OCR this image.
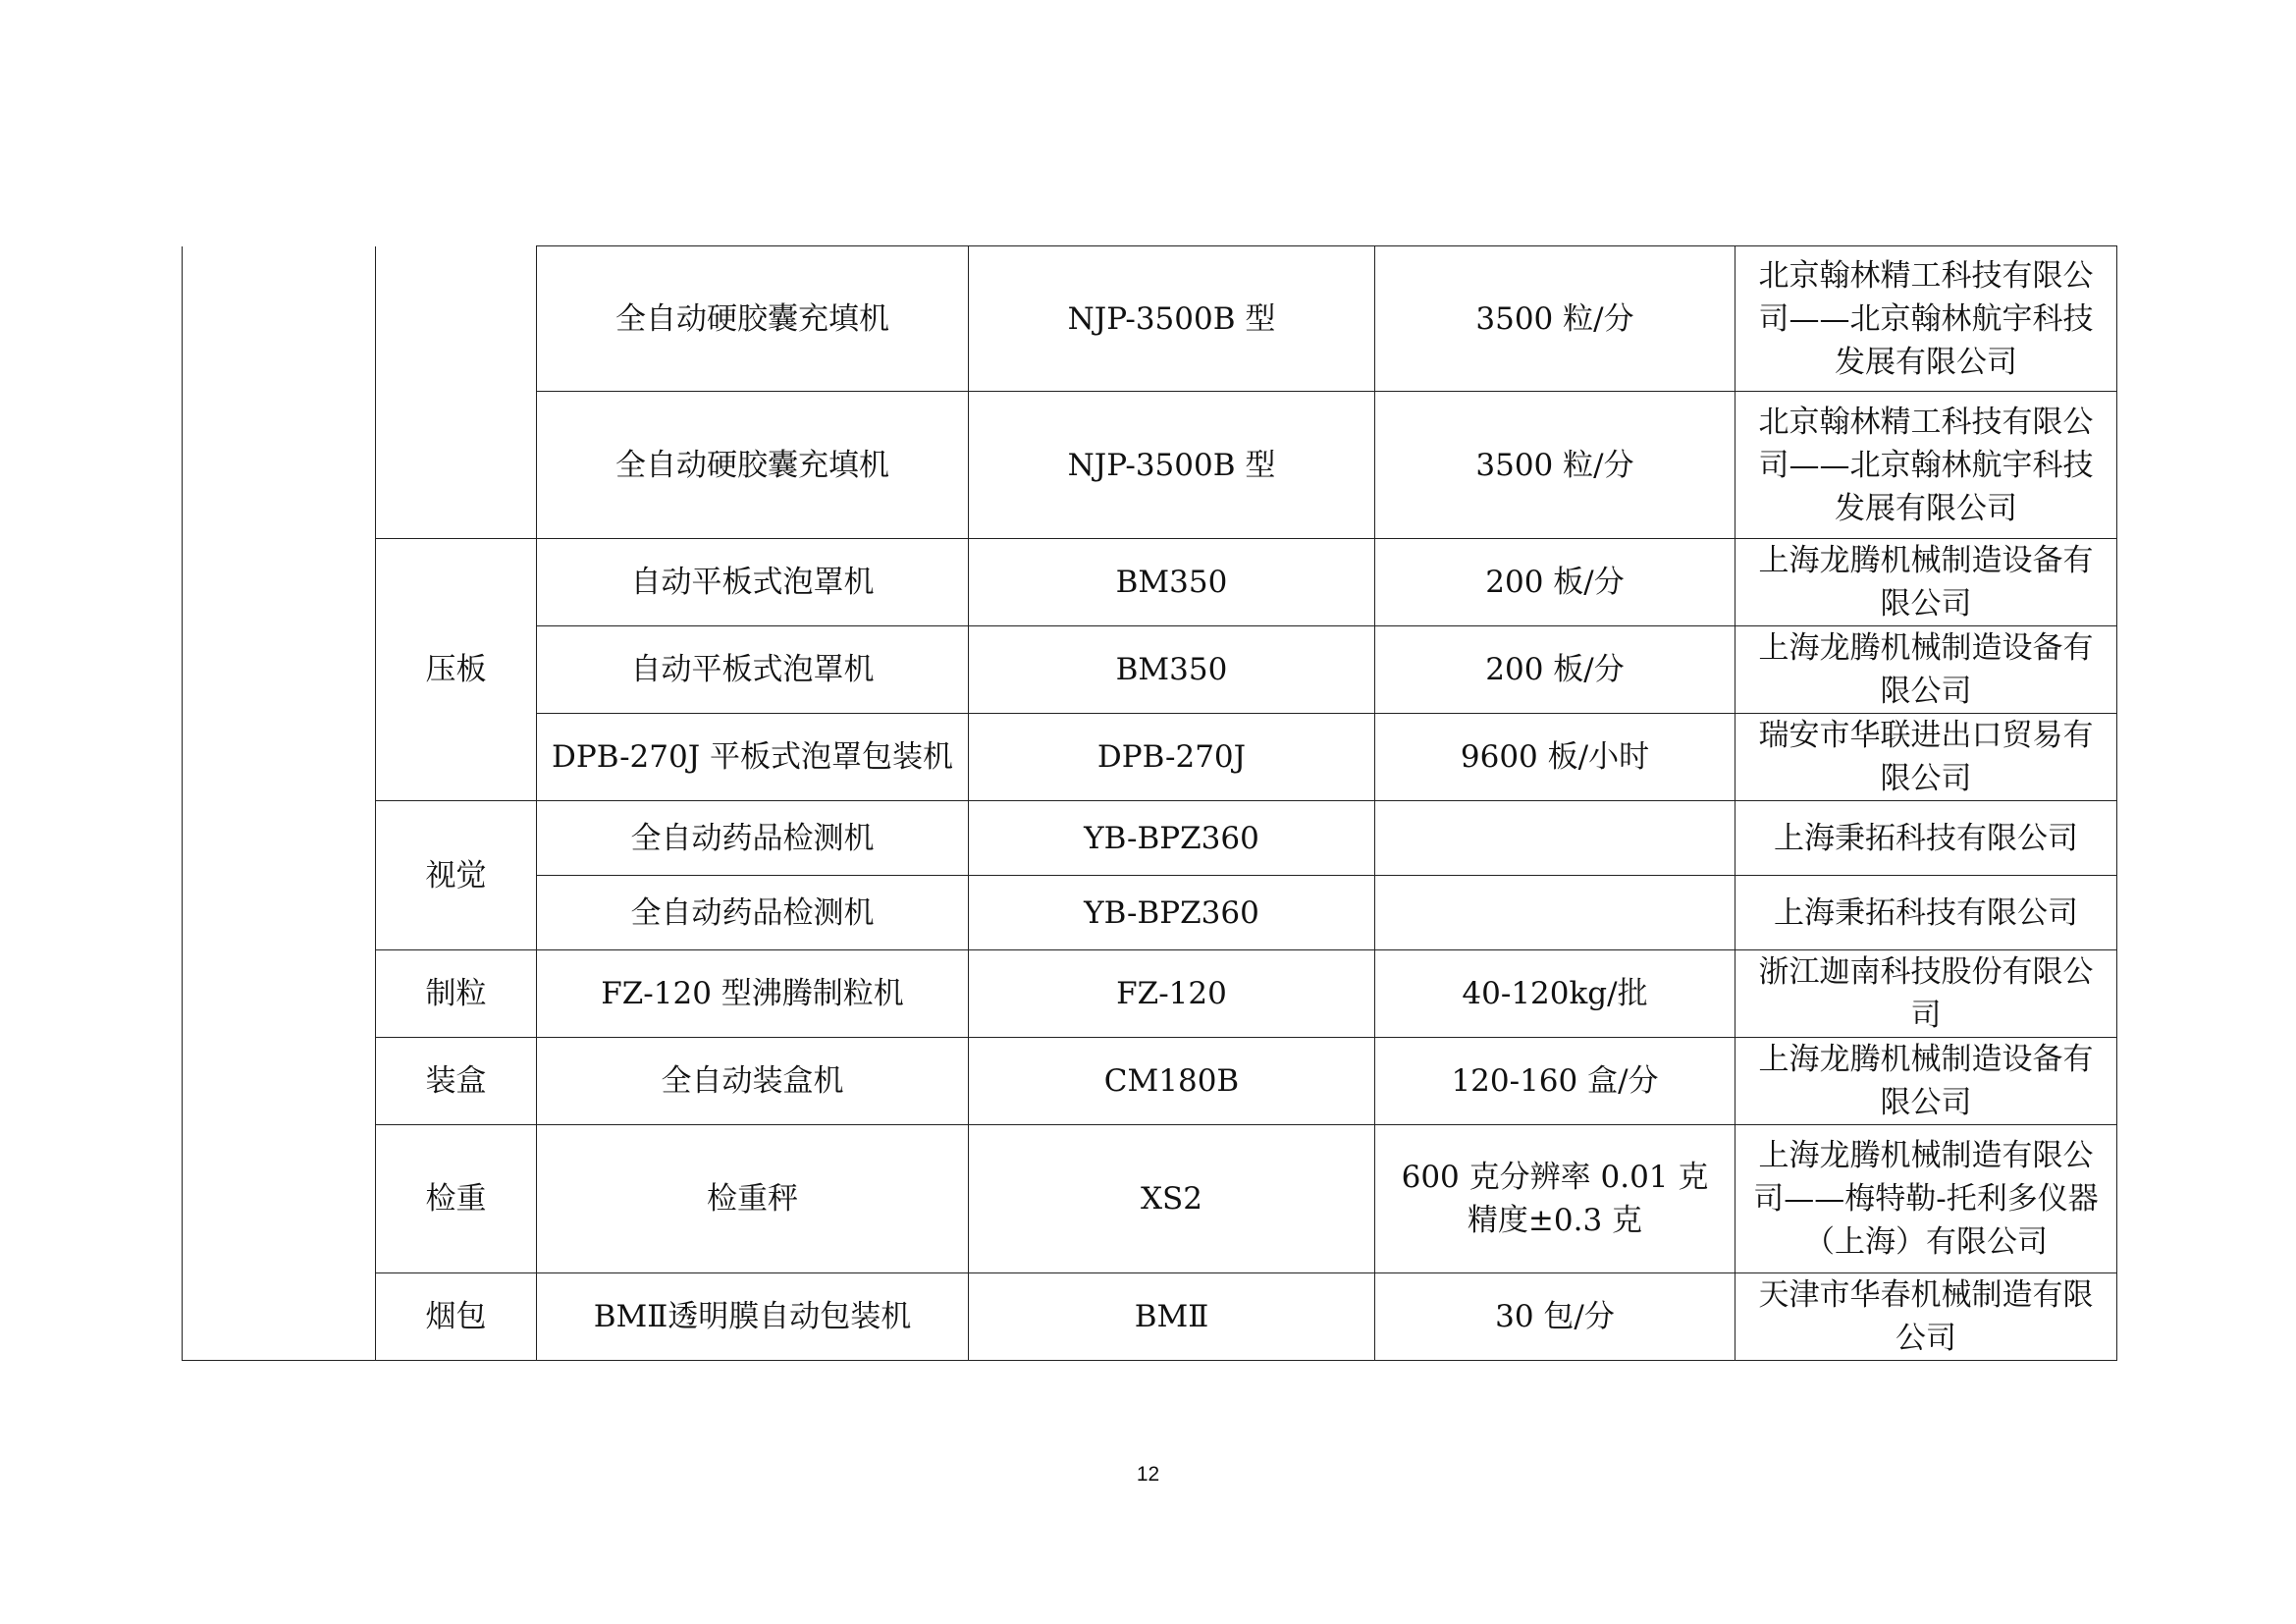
		全自动硬胶囊充填机	NJP-3500B 型	3500 粒/分	北京翰林精工科技有限公司——北京翰林航宇科技发展有限公司
		全自动硬胶囊充填机	NJP-3500B 型	3500 粒/分	北京翰林精工科技有限公司——北京翰林航宇科技发展有限公司
	压板	自动平板式泡罩机	BM350	200 板/分	上海龙腾机械制造设备有限公司
		自动平板式泡罩机	BM350	200 板/分	上海龙腾机械制造设备有限公司
		DPB-270J 平板式泡罩包装机	DPB-270J	9600 板/小时	瑞安市华联进出口贸易有限公司
	视觉	全自动药品检测机	YB-BPZ360		上海秉拓科技有限公司
		全自动药品检测机	YB-BPZ360		上海秉拓科技有限公司
	制粒	FZ-120 型沸腾制粒机	FZ-120	40-120kg/批	浙江迦南科技股份有限公司
	装盒	全自动装盒机	CM180B	120-160 盒/分	上海龙腾机械制造设备有限公司
	检重	检重秤	XS2	600 克分辨率 0.01 克精度±0.3 克	上海龙腾机械制造有限公司——梅特勒-托利多仪器（上海）有限公司
	烟包	BMⅡ透明膜自动包装机	BMⅡ	30 包/分	天津市华春机械制造有限公司
12
